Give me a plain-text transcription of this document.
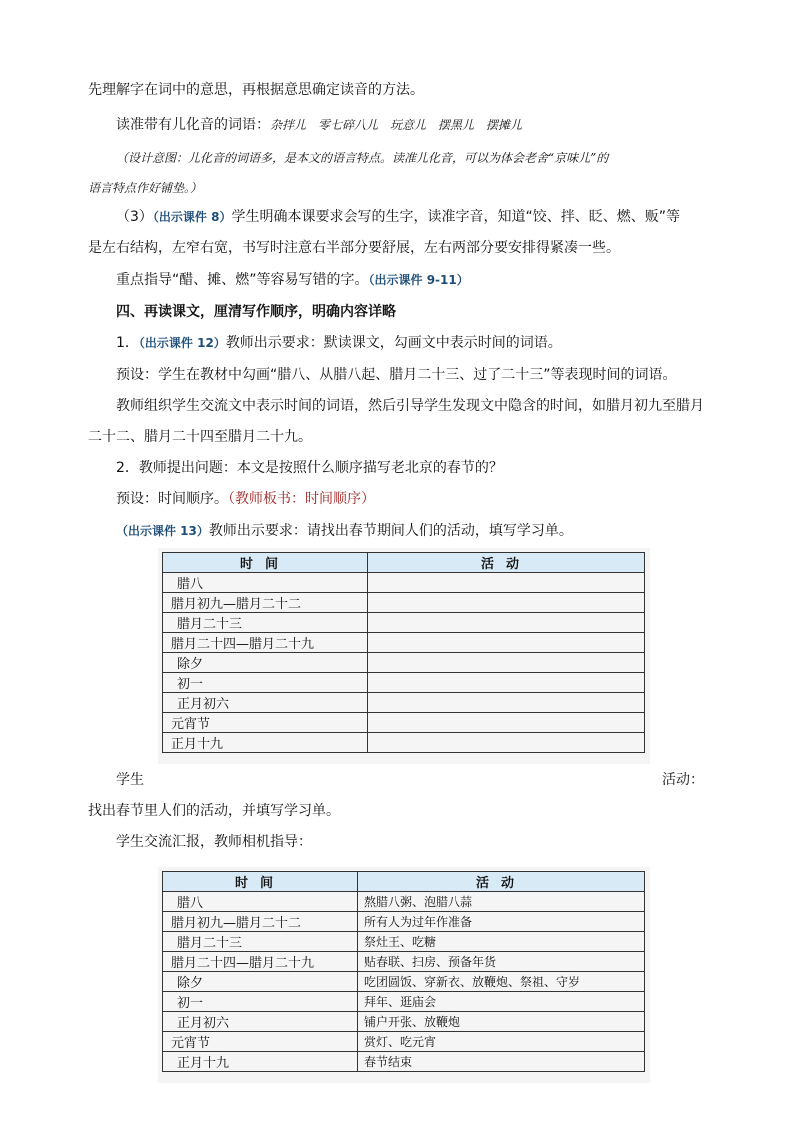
先理解字在词中的意思，再根据意思确定读音的方法。
读准带有儿化音的词语：杂拌儿　零七碎八儿　玩意儿　摆黑儿　摆摊儿
（设计意图：儿化音的词语多，是本文的语言特点。读准儿化音，可以为体会老舍“京味儿”的
语言特点作好铺垫。）
（3）（出示课件 8）学生明确本课要求会写的生字，读准字音，知道“饺、拌、眨、燃、贩”等
是左右结构，左窄右宽，书写时注意右半部分要舒展，左右两部分要安排得紧凑一些。
重点指导“醋、摊、燃”等容易写错的字。（出示课件 9-11）
四、再读课文，厘清写作顺序，明确内容详略
1．（出示课件 12）教师出示要求：默读课文，勾画文中表示时间的词语。
预设：学生在教材中勾画“腊八、从腊八起、腊月二十三、过了二十三”等表现时间的词语。
教师组织学生交流文中表示时间的词语，然后引导学生发现文中隐含的时间，如腊月初九至腊月
二十二、腊月二十四至腊月二十九。
2．教师提出问题：本文是按照什么顺序描写老北京的春节的？
预设：时间顺序。（教师板书：时间顺序）
（出示课件 13）教师出示要求：请找出春节期间人们的活动，填写学习单。
时间	活动
腊八	
腊月初九—腊月二十二	
腊月二十三	
腊月二十四—腊月二十九	
除夕	
初一	
正月初六	
元宵节	
正月十九	
学生	活动：
找出春节里人们的活动，并填写学习单。
学生交流汇报，教师相机指导：
时间	活动
腊八	熬腊八粥、泡腊八蒜
腊月初九—腊月二十二	所有人为过年作准备
腊月二十三	祭灶王、吃糖
腊月二十四—腊月二十九	贴春联、扫房、预备年货
除夕	吃团圆饭、穿新衣、放鞭炮、祭祖、守岁
初一	拜年、逛庙会
正月初六	铺户开张、放鞭炮
元宵节	赏灯、吃元宵
正月十九	春节结束
